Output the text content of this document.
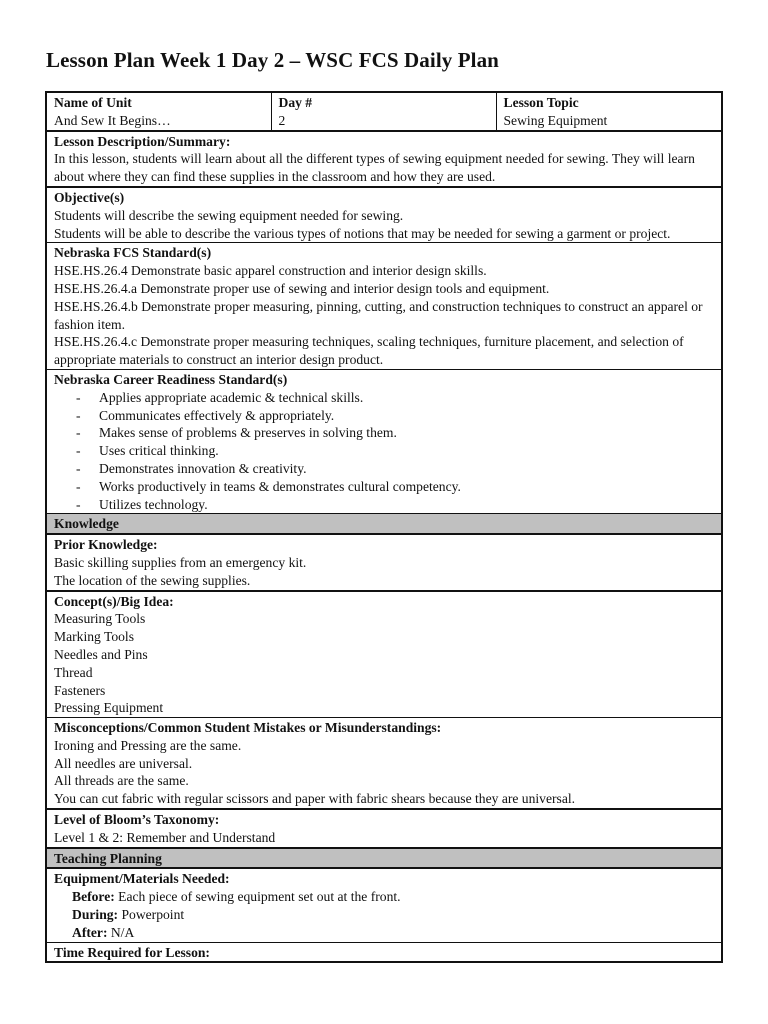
Lesson Plan Week 1 Day 2 – WSC FCS Daily Plan
Name of Unit
And Sew It Begins…

Day #
2

Lesson Topic
Sewing Equipment

Lesson Description/Summary:
In this lesson, students will learn about all the different types of sewing equipment needed for sewing. They will learn about where they can find these supplies in the classroom and how they are used.

Objective(s)
Students will describe the sewing equipment needed for sewing.
Students will be able to describe the various types of notions that may be needed for sewing a garment or project.

Nebraska FCS Standard(s)
HSE.HS.26.4 Demonstrate basic apparel construction and interior design skills.
HSE.HS.26.4.a Demonstrate proper use of sewing and interior design tools and equipment.
HSE.HS.26.4.b Demonstrate proper measuring, pinning, cutting, and construction techniques to construct an apparel or fashion item.
HSE.HS.26.4.c Demonstrate proper measuring techniques, scaling techniques, furniture placement, and selection of appropriate materials to construct an interior design product.

Nebraska Career Readiness Standard(s)
- Applies appropriate academic & technical skills.
- Communicates effectively & appropriately.
- Makes sense of problems & preserves in solving them.
- Uses critical thinking.
- Demonstrates innovation & creativity.
- Works productively in teams & demonstrates cultural competency.
- Utilizes technology.

Knowledge

Prior Knowledge:
Basic skilling supplies from an emergency kit.
The location of the sewing supplies.

Concept(s)/Big Idea:
Measuring Tools
Marking Tools
Needles and Pins
Thread
Fasteners
Pressing Equipment

Misconceptions/Common Student Mistakes or Misunderstandings:
Ironing and Pressing are the same.
All needles are universal.
All threads are the same.
You can cut fabric with regular scissors and paper with fabric shears because they are universal.

Level of Bloom’s Taxonomy:
Level 1 & 2: Remember and Understand

Teaching Planning

Equipment/Materials Needed:
Before: Each piece of sewing equipment set out at the front.
During: Powerpoint
After: N/A

Time Required for Lesson:
